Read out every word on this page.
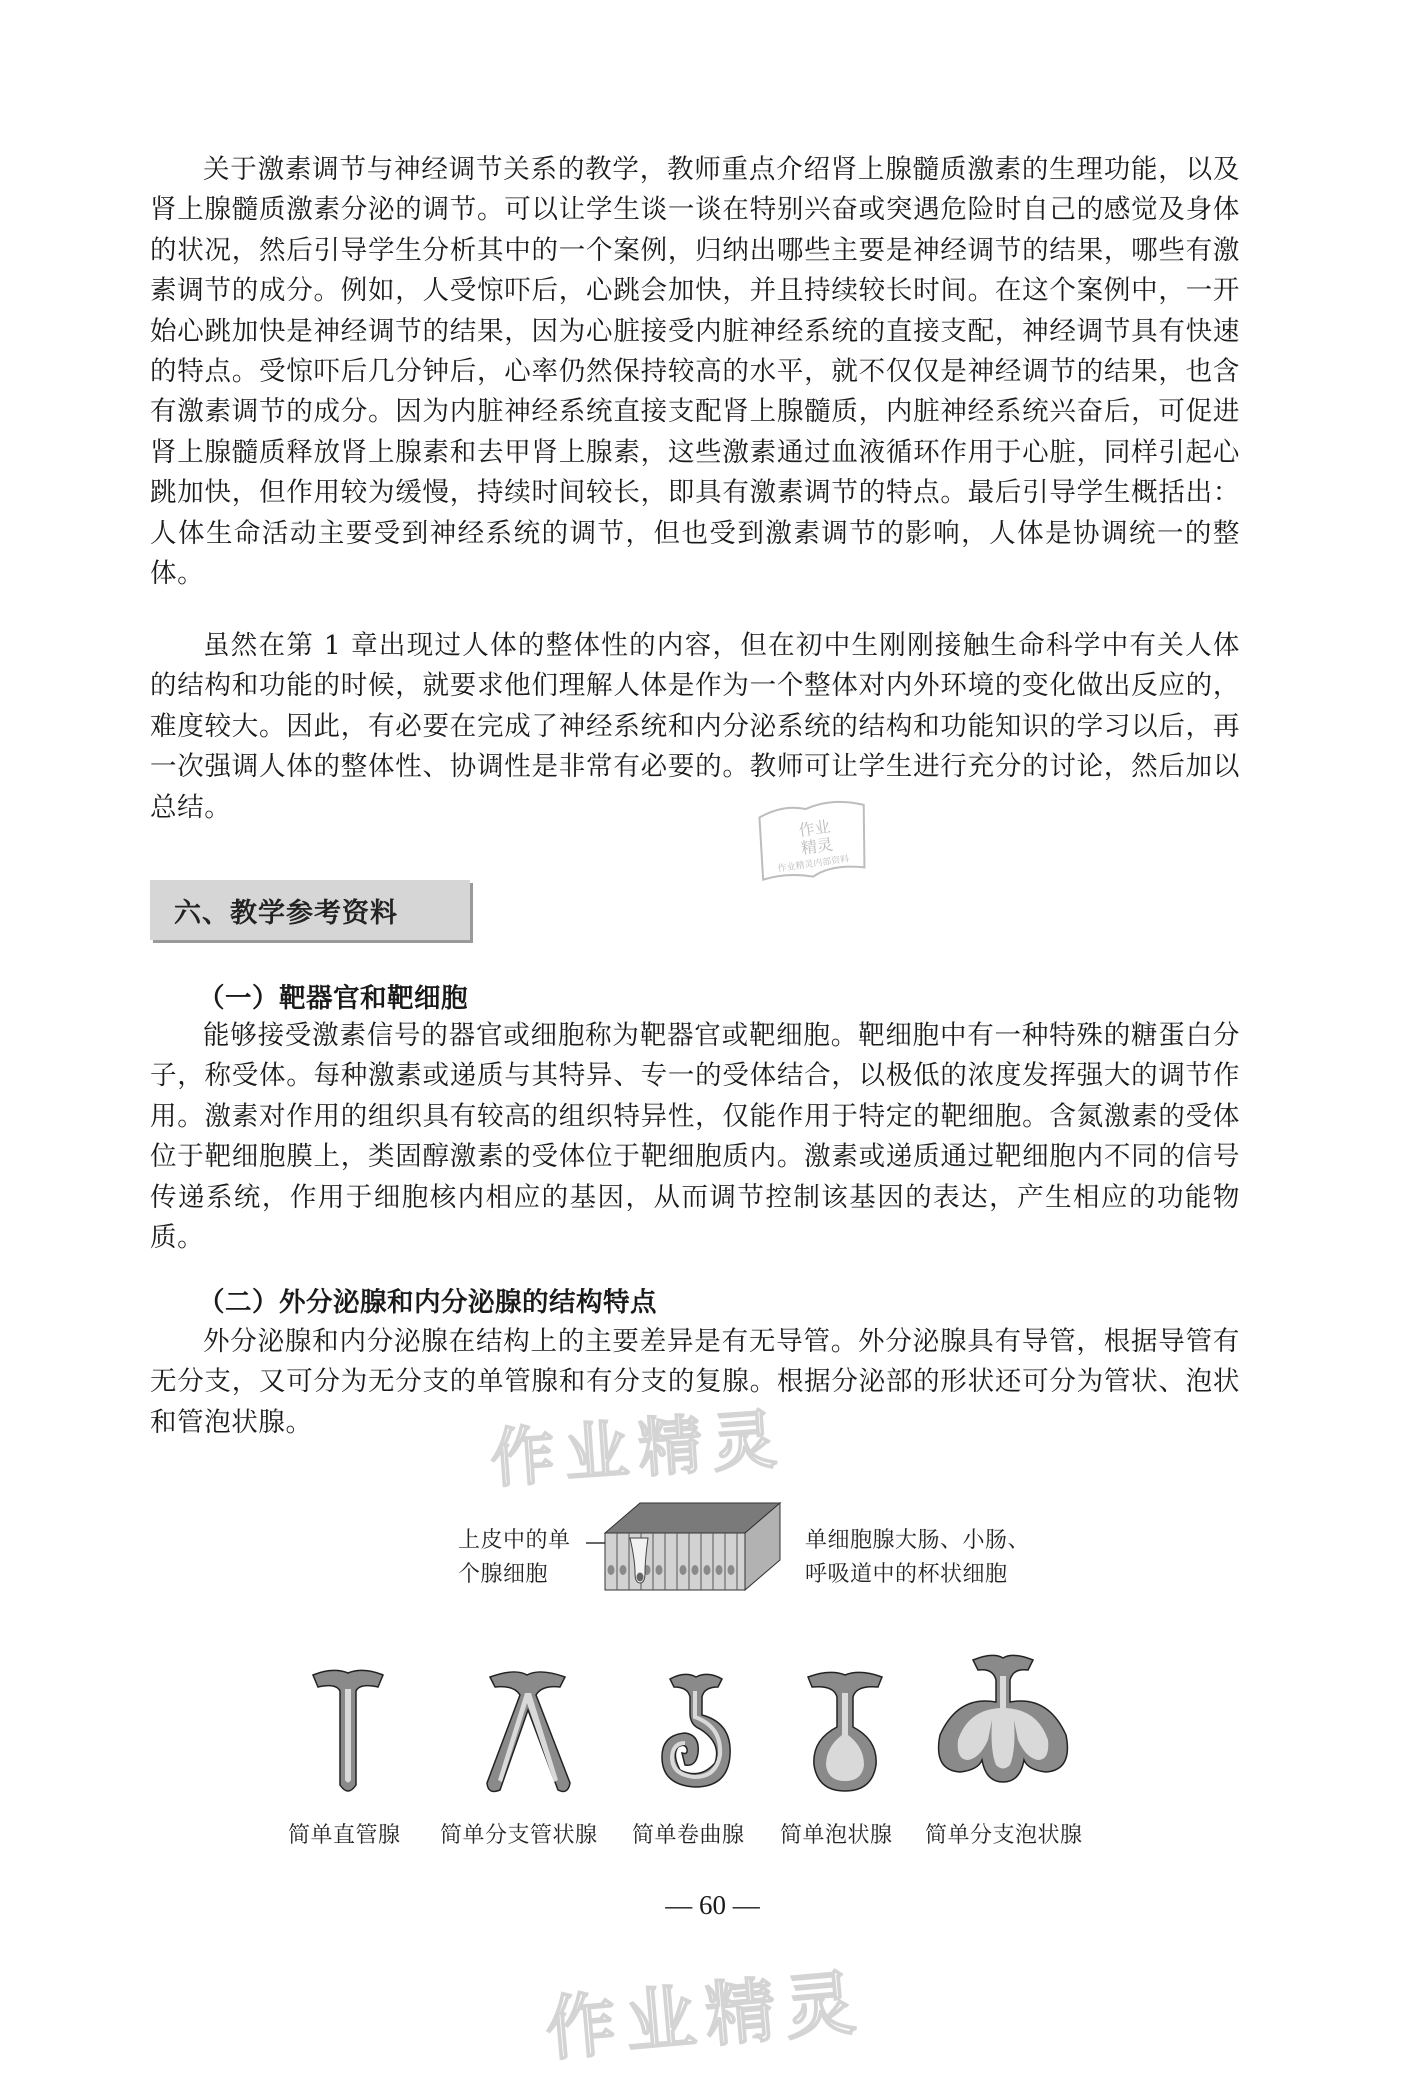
关于激素调节与神经调节关系的教学，教师重点介绍肾上腺髓质激素的生理功能，以及肾上腺髓质激素分泌的调节。可以让学生谈一谈在特别兴奋或突遇危险时自己的感觉及身体的状况，然后引导学生分析其中的一个案例，归纳出哪些主要是神经调节的结果，哪些有激素调节的成分。例如，人受惊吓后，心跳会加快，并且持续较长时间。在这个案例中，一开始心跳加快是神经调节的结果，因为心脏接受内脏神经系统的直接支配，神经调节具有快速的特点。受惊吓后几分钟后，心率仍然保持较高的水平，就不仅仅是神经调节的结果，也含有激素调节的成分。因为内脏神经系统直接支配肾上腺髓质，内脏神经系统兴奋后，可促进肾上腺髓质释放肾上腺素和去甲肾上腺素，这些激素通过血液循环作用于心脏，同样引起心跳加快，但作用较为缓慢，持续时间较长，即具有激素调节的特点。最后引导学生概括出：人体生命活动主要受到神经系统的调节，但也受到激素调节的影响，人体是协调统一的整体。

虽然在第 1 章出现过人体的整体性的内容，但在初中生刚刚接触生命科学中有关人体的结构和功能的时候，就要求他们理解人体是作为一个整体对内外环境的变化做出反应的，难度较大。因此，有必要在完成了神经系统和内分泌系统的结构和功能知识的学习以后，再一次强调人体的整体性、协调性是非常有必要的。教师可让学生进行充分的讨论，然后加以总结。

作业
精灵
作业精灵内部资料
六、教学参考资料
（一）靶器官和靶细胞

能够接受激素信号的器官或细胞称为靶器官或靶细胞。靶细胞中有一种特殊的糖蛋白分子，称受体。每种激素或递质与其特异、专一的受体结合，以极低的浓度发挥强大的调节作用。激素对作用的组织具有较高的组织特异性，仅能作用于特定的靶细胞。含氮激素的受体位于靶细胞膜上，类固醇激素的受体位于靶细胞质内。激素或递质通过靶细胞内不同的信号传递系统，作用于细胞核内相应的基因，从而调节控制该基因的表达，产生相应的功能物质。

（二）外分泌腺和内分泌腺的结构特点

外分泌腺和内分泌腺在结构上的主要差异是有无导管。外分泌腺具有导管，根据导管有无分支，又可分为无分支的单管腺和有分支的复腺。根据分泌部的形状还可分为管状、泡状和管泡状腺。	作业精灵
上皮中的单
个腺细胞
单细胞腺大肠、小肠、
呼吸道中的杯状细胞
简单直管腺 简单分支管状腺 简单卷曲腺 简单泡状腺 简单分支泡状腺
— 60 —
作业精灵
